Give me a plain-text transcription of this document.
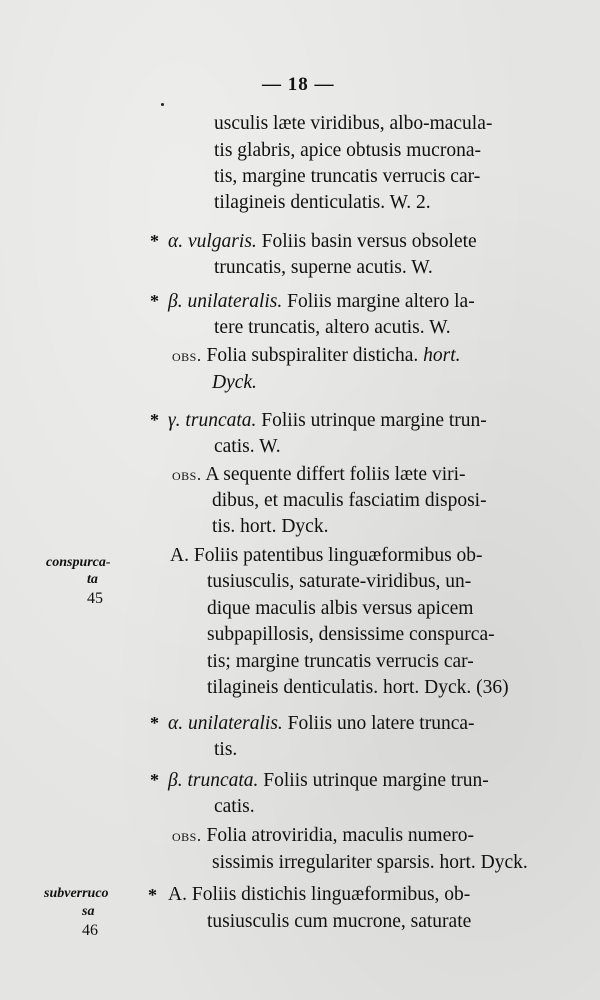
— 18 —
usculis læte viridibus, albo-macula-
tis glabris, apice obtusis mucrona-
tis, margine truncatis verrucis car-
tilagineis denticulatis. W. 2.
* α. vulgaris. Foliis basin versus obsolete
truncatis, superne acutis. W.
* β. unilateralis. Foliis margine altero la-
tere truncatis, altero acutis. W.
obs. Folia subspiraliter disticha. hort.
Dyck.
* γ. truncata. Foliis utrinque margine trun-
catis. W.
obs. A sequente differt foliis læte viri-
dibus, et maculis fasciatim disposi-
tis. hort. Dyck.
conspurca-
ta
45
A. Foliis patentibus linguæformibus ob-
tusiusculis, saturate-viridibus, un-
dique maculis albis versus apicem
subpapillosis, densissime conspurca-
tis; margine truncatis verrucis car-
tilagineis denticulatis. hort. Dyck. (36)
* α. unilateralis. Foliis uno latere trunca-
tis.
* β. truncata. Foliis utrinque margine trun-
catis.
obs. Folia atroviridia, maculis numero-
sissimis irregulariter sparsis. hort. Dyck.
subverruco
sa
46
* A. Foliis distichis linguæformibus, ob-
tusiusculis cum mucrone, saturate
